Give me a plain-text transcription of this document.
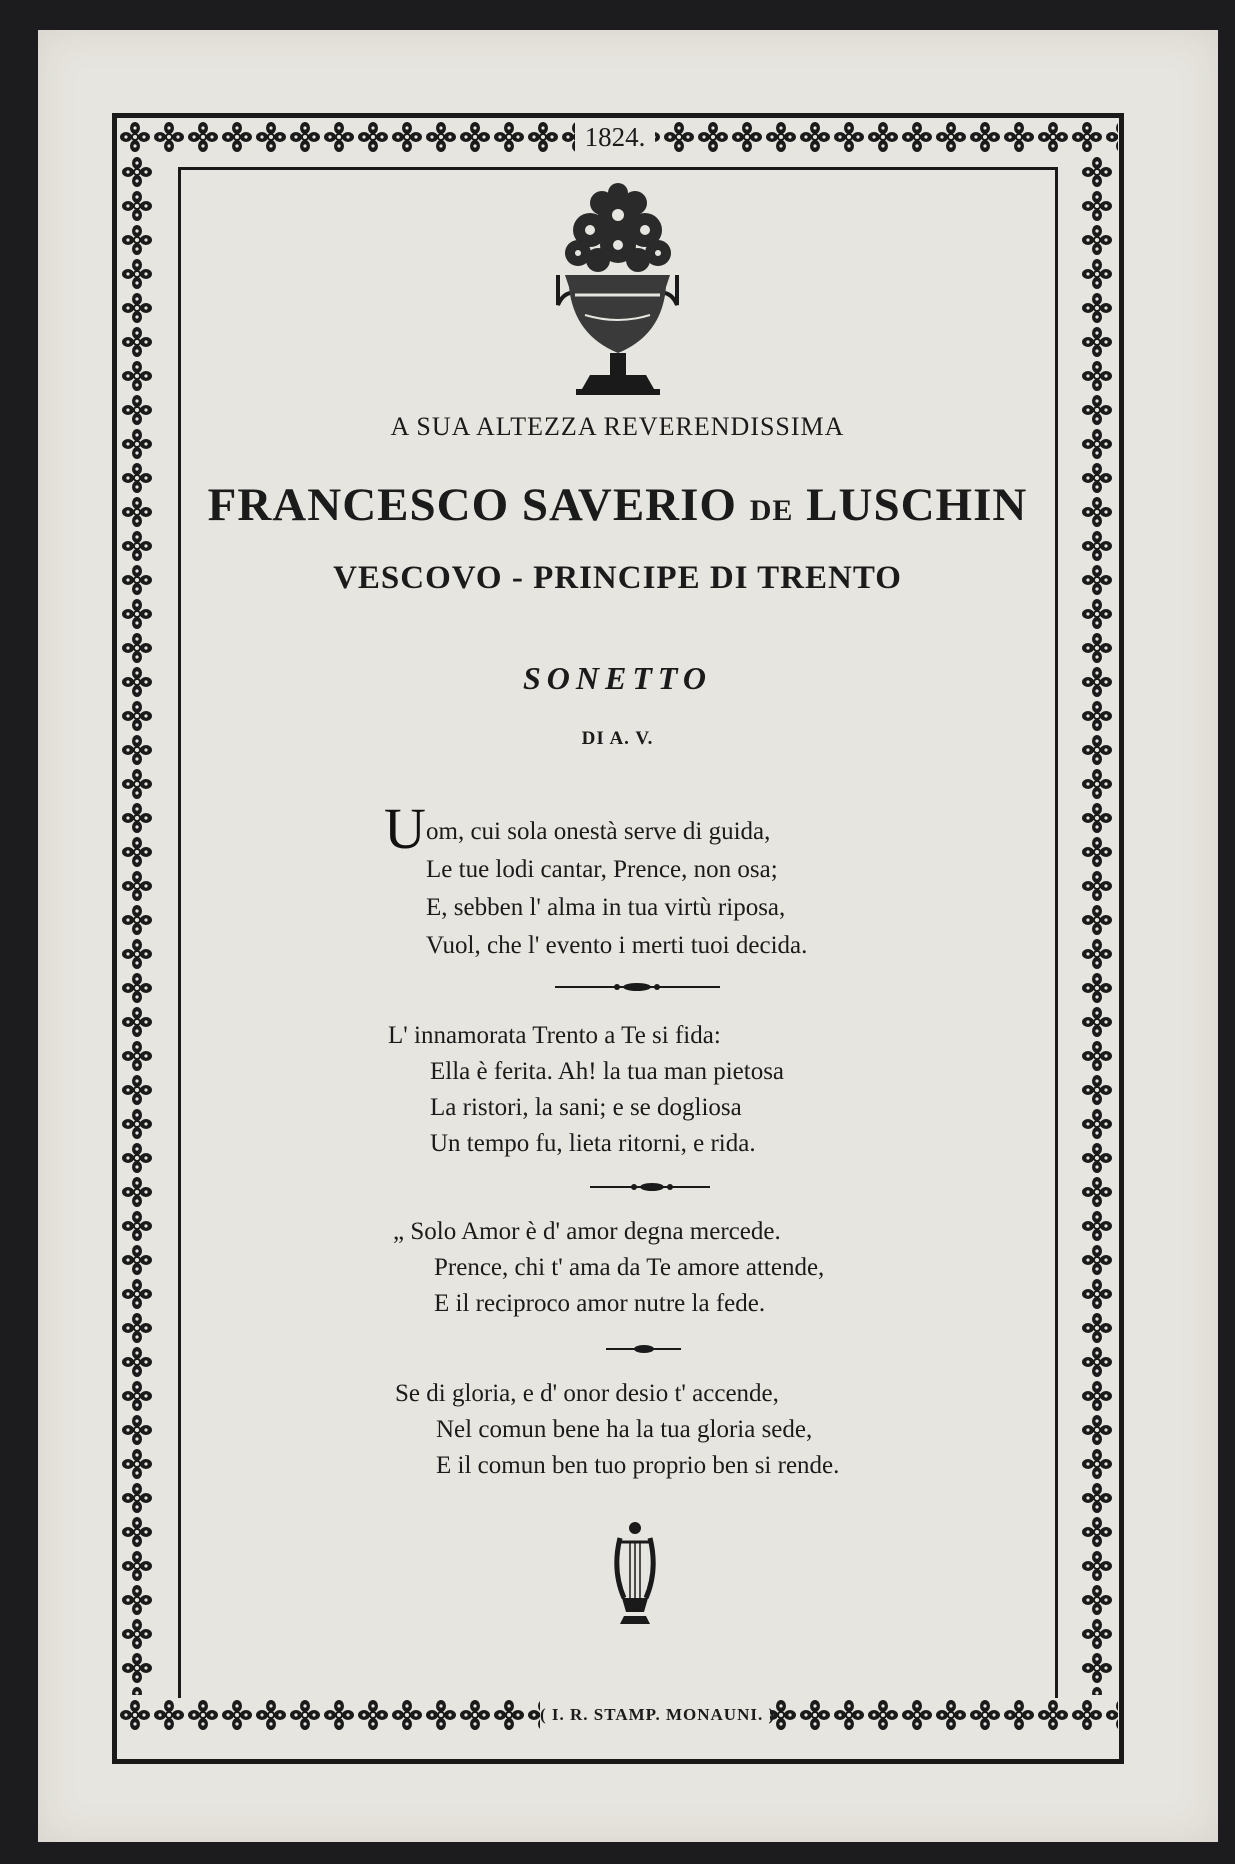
1824.
( I. R. STAMP. MONAUNI. )
A SUA ALTEZZA REVERENDISSIMA
FRANCESCO SAVERIO DE LUSCHIN
VESCOVO - PRINCIPE DI TRENTO
SONETTO
DI A. V.
U om, cui sola onestà serve di guida,
Le tue lodi cantar, Prence, non osa;
E, sebben l' alma in tua virtù riposa,
Vuol, che l' evento i merti tuoi decida.
L' innamorata Trento a Te si fida:
Ella è ferita. Ah! la tua man pietosa
La ristori, la sani; e se dogliosa
Un tempo fu, lieta ritorni, e rida.
„ Solo Amor è d' amor degna mercede.
Prence, chi t' ama da Te amore attende,
E il reciproco amor nutre la fede.
Se di gloria, e d' onor desio t' accende,
Nel comun bene ha la tua gloria sede,
E il comun ben tuo proprio ben si rende.
